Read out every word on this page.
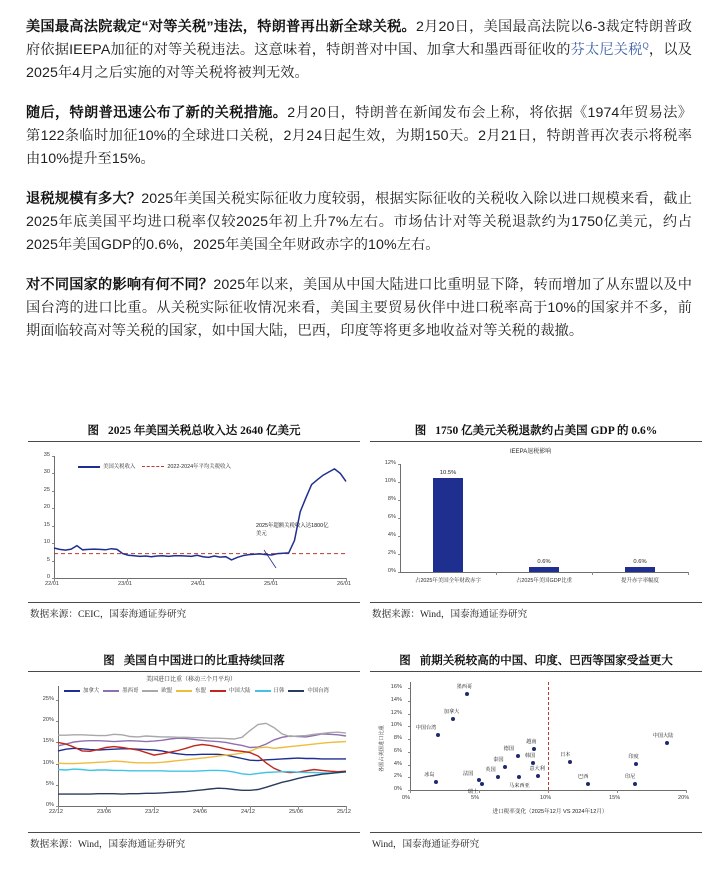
美国最高法院裁定“对等关税”违法，特朗普再出新全球关税。2月20日，美国最高法院以6-3裁定特朗普政府依据IEEPA加征的对等关税违法。这意味着，特朗普对中国、加拿大和墨西哥征收的芬太尼关税$^Q$，以及2025年4月之后实施的对等关税将被判无效。

随后，特朗普迅速公布了新的关税措施。2月20日，特朗普在新闻发布会上称，将依据《1974年贸易法》第122条临时加征10%的全球进口关税，2月24日起生效，为期150天。2月21日，特朗普再次表示将税率由10%提升至15%。

退税规模有多大？2025年美国关税实际征收力度较弱，根据实际征收的关税收入除以进口规模来看，截止2025年底美国平均进口税率仅较2025年初上升7%左右。市场估计对等关税退款约为1750亿美元，约占2025年美国GDP的0.6%，2025年美国全年财政赤字的10%左右。

对不同国家的影响有何不同？2025年以来，美国从中国大陆进口比重明显下降，转而增加了从东盟以及中国台湾的进口比重。从关税实际征收情况来看，美国主要贸易伙伴中进口税率高于10%的国家并不多，前期面临较高对等关税的国家，如中国大陆，巴西，印度等将更多地收益对等关税的裁撤。

图 2025 年美国关税总收入达 2640 亿美元
0
5
10
15
20
25
30
35
22/01	23/01	24/01	25/01	26/01
美国关税收入	2022-2024年平均关税收入
2025年超额关税收入达1800亿美元
数据来源：CEIC，国泰海通证券研究
图 1750 亿美元关税退款约占美国 GDP 的 0.6%
IEEPA退税影响
0%
2%
4%
6%
8%
10%
12%
10.5%
占2025年美国全年财政赤字
0.6%
占2025年美国GDP比重
0.6%
提升赤字率幅度
数据来源：Wind，国泰海通证券研究
图 美国自中国进口的比重持续回落
美国进口比重（移动三个月平均）
0%
5%
10%
15%
20%
25%
22/12	23/06	23/12	24/06	24/12	25/06	25/12
加拿大	墨西哥	欧盟	东盟	中国大陆	日韩	中国台湾
数据来源：Wind，国泰海通证券研究
图 前期关税较高的中国、印度、巴西等国家受益更大
0%
2%
4%
6%
8%
10%
12%
14%
16%
0%	5%	10%	15%	20%
墨西哥
加拿大
中国台湾
越南
德国
日本
韩国	印度
泰国
中国大陆
意大利
英国
马来西亚
法国
瑞士
冰岛	巴西	印尼
各国占美国进口比重
进口税率变化（2025年12月 VS 2024年12月）
Wind，国泰海通证券研究
